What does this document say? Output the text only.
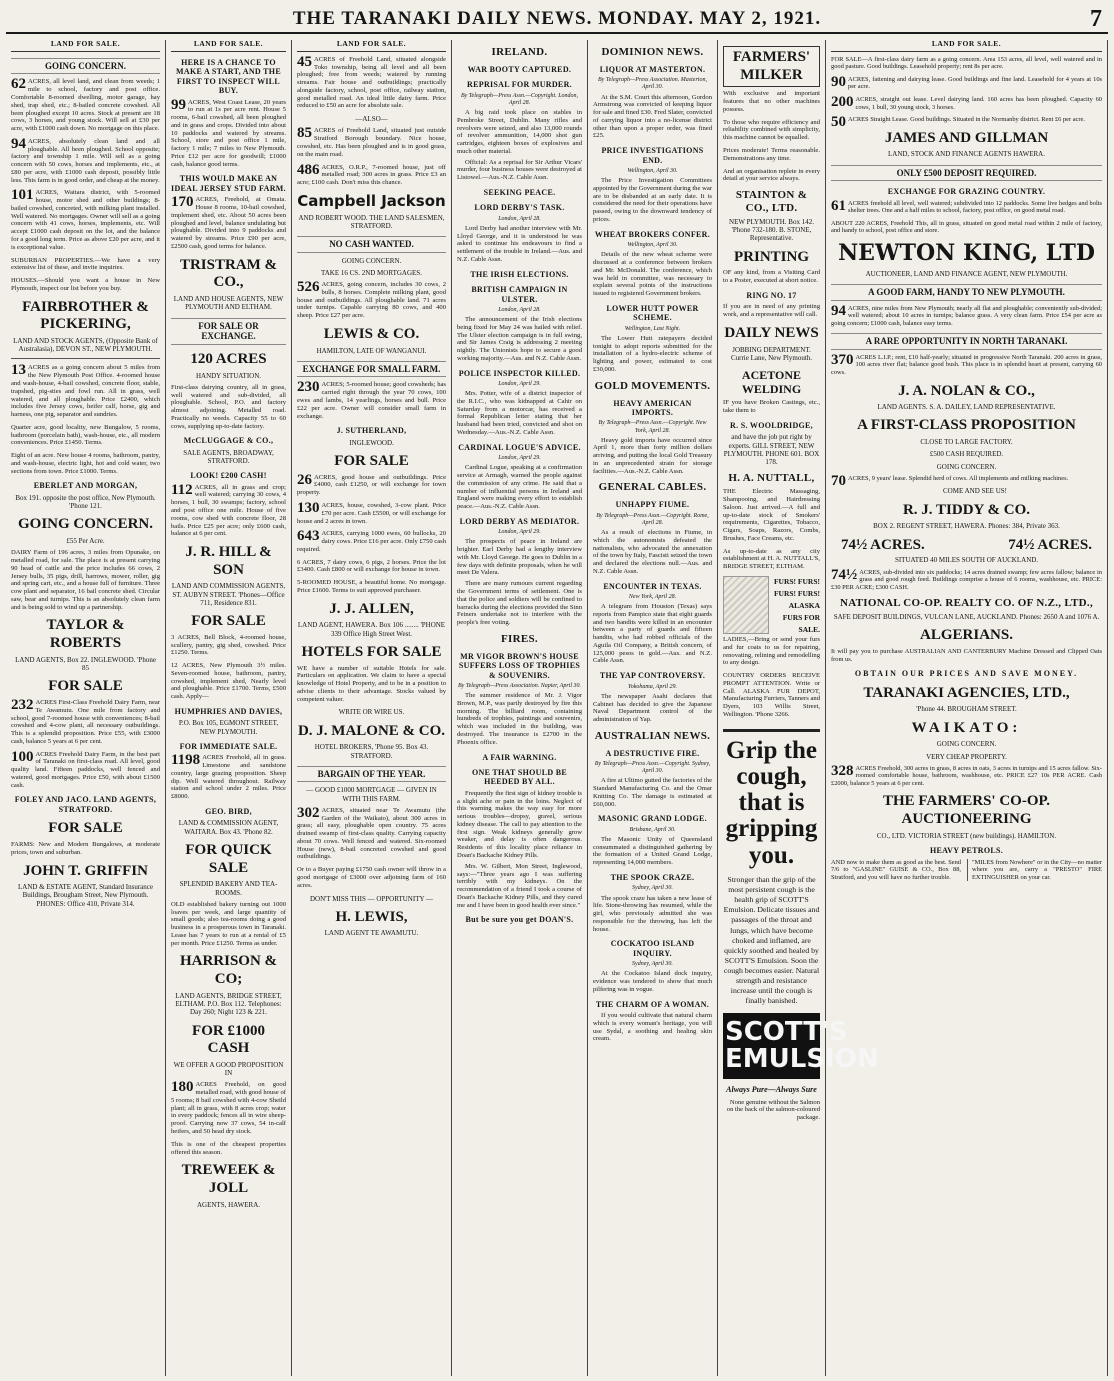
THE TARANAKI DAILY NEWS. MONDAY. MAY 2, 1921.	7
LAND FOR SALE.
GOING CONCERN.
62 ACRES, all level land, and clean from weeds; 1 mile to school, factory and post office. Comfortable 8-roomed dwelling, motor garage, hay shed, trap shed, etc.; 8-bailed concrete cowshed. All been ploughed except 10 acres. Stock at present are 18 cows, 3 horses, and young stock. Will sell at £30 per acre, with £1000 cash down. No mortgage on this place.
94 ACRES, absolutely clean land and all ploughable. All been ploughed. School opposite; factory and township 1 mile. Will sell as a going concern with 50 cows, horses and implements, etc., at £80 per acre, with £1000 cash deposit, possibly little less. This farm is in good order, and cheap at the money.
101 ACRES, Waitara district, with 5-roomed house, motor shed and other buildings; 8-bailed cowshed, concreted, with milking plant installed. Well watered. No mortgages. Owner will sell as a going concern with 41 cows, horses, implements, etc. Will accept £1000 cash deposit on the lot, and the balance for a good long term. Price as above £20 per acre, and it is exceptional value.
SUBURBAN PROPERTIES.—We have a very extensive list of these, and invite inquiries.
HOUSES.—Should you want a house in New Plymouth, inspect our list before you buy.
FAIRBROTHER & PICKERING,
LAND AND STOCK AGENTS, (Opposite Bank of Australasia), DEVON ST., NEW PLYMOUTH.
13 ACRES as a going concern about 5 miles from the New Plymouth Post Office. 4-roomed house and wash-house, 4-bail cowshed, concrete floor, stable, trapshed, pig-sties and fowl run. All in grass, well watered, and all ploughable. Price £2400, which includes five Jersey cows, heifer calf, horse, gig and harness, one pig, separator and sundries.
Quarter acre, good locality, new Bungalow, 5 rooms, bathroom (porcelain bath), wash-house, etc., all modern conveniences. Price £1450. Terms.
Eight of an acre. New house 4 rooms, bathroom, pantry, and wash-house, electric light, hot and cold water, two sections from town. Price £1000. Terms.
EBERLET AND MORGAN,
Box 191. opposite the post office, New Plymouth. 'Phone 121.
GOING CONCERN.
£55 Per Acre.
DAIRY Farm of 196 acres, 3 miles from Opunake, on metalled road, for sale. The place is at present carrying 90 head of cattle and the price includes 66 cows, 2 Jersey bulls, 35 pigs, drill, harrows, mower, roller, gig and spring cart, etc., and a house full of furniture. Three cow plant and separator, 16 bail concrete shed. Circular saw, bear and turnips. This is an absolutely clean farm and is being sold to wind up a partnership.
TAYLOR & ROBERTS
LAND AGENTS, Box 22. INGLEWOOD. 'Phone 85
FOR SALE
232 ACRES First-Class Freehold Dairy Farm, near Te Awamutu. One mile from factory and school, good 7-roomed house with conveniences; 8-bail cowshed and 4-cow plant, all necessary outbuildings. This is a splendid proposition. Price £55, with £3000 cash, balance 5 years at 6 per cent.
100 ACRES Freehold Dairy Farm, in the best part of Taranaki on first-class road. All level, good quality land. Fifteen paddocks, well fenced and watered, good mortgages. Price £50, with about £1500 cash.
FOLEY AND JACO. LAND AGENTS, STRATFORD.
FOR SALE
FARMS: New and Modern Bungalows, at moderate prices, town and suburban.
JOHN T. GRIFFIN
LAND & ESTATE AGENT, Standard Insurance Buildings, Brougham Street, New Plymouth. PHONES: Office 410, Private 314.
LAND FOR SALE.
HERE IS A CHANCE TO MAKE A START, AND THE FIRST TO INSPECT WILL BUY.
99 ACRES, West Coast Lease, 20 years to run at 1s per acre rent. House 5 rooms, 6-bail cowshed, all been ploughed and in grass and crops. Divided into about 10 paddocks and watered by streams. School, store and post office 1 mile, factory 1 mile; 7 miles to New Plymouth. Price £12 per acre for goodwill; £1000 cash, balance good terms.
THIS WOULD MAKE AN IDEAL JERSEY STUD FARM.
170 ACRES, Freehold, at Omata. House 8 rooms, 10-bail cowshed, implement shed, etc. About 50 acres been ploughed and level, balance undulating but ploughable. Divided into 9 paddocks and watered by streams. Price £90 per acre, £2500 cash, good terms for balance.
TRISTRAM & CO.,
LAND AND HOUSE AGENTS, NEW PLYMOUTH AND ELTHAM.
FOR SALE OR EXCHANGE.
120 ACRES
HANDY SITUATION.
First-class dairying country, all in grass, well watered and sub-divided, all ploughable. School, P.O. and factory almost adjoining. Metalled road. Practically no weeds. Capacity 55 to 60 cows, supplying up-to-date factory.
McCLUGGAGE & CO.,
SALE AGENTS, BROADWAY, STRATFORD.
LOOK! £200 CASH!
112 ACRES, all in grass and crop; well watered; carrying 30 cows, 4 horses, 1 bull, 30 swamps; factory, school and post office one mile. House of five rooms, cow shed with concrete floor, 28 bails. Price £25 per acre; only £600 cash, balance at 6 per cent.
J. R. HILL & SON
LAND AND COMMISSION AGENTS, ST. AUBYN STREET. 'Phones—Office 711, Residence 831.
FOR SALE
3 ACRES, Bell Block, 4-roomed house, scullery, pantry, gig shed, cowshed. Price £1250. Terms.
12 ACRES, New Plymouth 3½ miles. Seven-roomed house, bathroom, pantry, cowshed, implement shed, Nearly level and ploughable. Price £1700. Terms, £500 cash. Apply—
HUMPHRIES AND DAVIES,
P.O. Box 105, EGMONT STREET, NEW PLYMOUTH.
FOR IMMEDIATE SALE.
1198 ACRES Freehold, all in grass. Limestone and sandstone country, large grazing proposition. Sheep dip. Well watered throughout. Railway station and school under 2 miles. Price £8000.
GEO. BIRD,
LAND & COMMISSION AGENT, WAITARA. Box 43. 'Phone 82.
FOR QUICK SALE
SPLENDID BAKERY AND TEA-ROOMS.
OLD established bakery turning out 1000 loaves per week, and large quantity of small goods; also tea-rooms doing a good business in a prosperous town in Taranaki. Lease has 7 years to run at a rental of £5 per month. Price £1250. Terms as under.
HARRISON & CO;
LAND AGENTS, BRIDGE STREET, ELTHAM. P.O. Box 112. Telephones: Day 260; Night 123 & 221.
FOR £1000 CASH
WE OFFER A GOOD PROPOSITION IN
180 ACRES Freehold, on good metalled road, with good house of 5 rooms; 8 bail cowshed with 4-cow Sheild plant; all in grass, with 8 acres crop; water in every paddock; fences all in wire sheep-proof. Carrying now 37 cows, 54 in-calf heifers, and 50 head dry stock.
This is one of the cheapest properties offered this season.
TREWEEK & JOLL
AGENTS, HAWERA.
LAND FOR SALE.
45 ACRES of Freehold Land, situated alongside Toko township, being all level and all been ploughed; free from weeds; watered by running streams. Fair house and outbuildings; practically alongside factory, school, post office, railway station, good metalled road. An ideal little dairy farm. Price reduced to £50 an acre for absolute sale.
—ALSO—
85 ACRES of Freehold Land, situated just outside Stratford Borough boundary. Nice house, cowshed, etc. Has been ploughed and is in good grass, on the main road.
486 ACRES, O.R.P., 7-roomed house, just off metalled road; 300 acres in grass. Price £3 an acre; £100 cash. Don't miss this chance.
Campbell Jackson
AND ROBERT WOOD. THE LAND SALESMEN, STRATFORD.
NO CASH WANTED.
GOING CONCERN.
TAKE 16 CS. 2ND MORTGAGES.
526 ACRES, going concern, includes 30 cows, 2 bulls, 8 horses. Complete milking plant, good house and outbuildings. All ploughable land. 71 acres under turnips. Capable carrying 80 cows, and 400 sheep. Price £27 per acre.
LEWIS & CO.
HAMILTON, LATE OF WANGANUI.
EXCHANGE FOR SMALL FARM.
230 ACRES; 5-roomed house; good cowsheds; has carried right through the year 70 cows, 100 ewes and lambs, 14 yearlings, horses and bull. Price £22 per acre. Owner will consider small farm in exchange.
J. SUTHERLAND,
INGLEWOOD.
FOR SALE
26 ACRES, good house and outbuildings. Price £4000, cash £1250, or will exchange for town property.
130 ACRES, house, cowshed, 3-cow plant. Price £70 per acre. Cash £5500, or will exchange for house and 2 acres in town.
643 ACRES, carrying 1000 ewes, 60 bullocks, 20 dairy cows. Price £16 per acre. Only £750 cash required.
6 ACRES, 7 dairy cows, 6 pigs, 2 horses. Price the lot £3400. Cash £800 or will exchange for house in town.
5-ROOMED HOUSE, a beautiful home. No mortgage. Price £1600. Terms to suit approved purchaser.
J. J. ALLEN,
LAND AGENT, HAWERA. Box 106 ........ 'PHONE 339 Office High Street West.
HOTELS FOR SALE
WE have a number of suitable Hotels for sale. Particulars on application. We claim to have a special knowledge of Hotel Property, and to be in a position to advise clients to their advantage. Stocks valued by competent valuer.
WRITE OR WIRE US.
D. J. MALONE & CO.
HOTEL BROKERS, 'Phone 95. Box 43. STRATFORD.
BARGAIN OF THE YEAR.
— GOOD £1000 MORTGAGE — GIVEN IN WITH THIS FARM.
302 ACRES, situated near Te Awamutu (the Garden of the Waikato), about 300 acres in grass; all easy, ploughable open country. 75 acres drained swamp of first-class quality. Carrying capacity about 70 cows. Well fenced and watered. Six-roomed House (new), 8-bail concreted cowshed and good outbuildings.
Or to a Buyer paying £1750 cash owner will throw in a good mortgage of £3000 over adjoining farm of 160 acres.
DON'T MISS THIS — OPPORTUNITY —
H. LEWIS,
LAND AGENT TE AWAMUTU.
IRELAND.
WAR BOOTY CAPTURED.
REPRISAL FOR MURDER.
By Telegraph—Press Assn.—Copyright. London, April 28.
A big raid took place on stables in Pembroke Street, Dublin. Many rifles and revolvers were seized, and also 13,000 rounds of revolver ammunition, 14,000 shot gun cartridges, eighteen boxes of explosives and much other material.
Official: As a reprisal for Sir Arthur Vicars' murder, four business houses were destroyed at Listowel.—Aus.-N.Z. Cable Assn.
SEEKING PEACE.
LORD DERBY'S TASK.
London, April 28.
Lord Derby had another interview with Mr. Lloyd George, and it is understood he was asked to continue his endeavours to find a settlement of the trouble in Ireland.—Aus. and N.Z. Cable Assn.
THE IRISH ELECTIONS.
BRITISH CAMPAIGN IN ULSTER.
London, April 28.
The announcement of the Irish elections being fixed for May 24 was hailed with relief. The Ulster election campaign is in full swing, and Sir James Craig is addressing 2 meeting nightly. The Unionists hope to secure a good working majority.—Aus. and N.Z. Cable Assn.
POLICE INSPECTOR KILLED.
London, April 29.
Mrs. Potter, wife of a district inspector of the R.I.C., who was kidnapped at Cahir on Saturday from a motorcar, has received a formal Republican letter stating that her husband had been tried, convicted and shot on Wednesday.—Aus.-N.Z. Cable Assn.
CARDINAL LOGUE'S ADVICE.
London, April 29.
Cardinal Logue, speaking at a confirmation service at Armagh, warned the people against the commission of any crime. He said that a number of influential persons in Ireland and England were making every effort to establish peace.—Aus.-N.Z. Cable Assn.
LORD DERBY AS MEDIATOR.
London, April 29.
The prospects of peace in Ireland are brighter. Earl Derby had a lengthy interview with Mr. Lloyd George. He goes to Dublin in a few days with definite proposals, when he will meet De Valera.
There are many rumours current regarding the Government terms of settlement. One is that the police and soldiers will be confined to barracks during the elections provided the Sinn Feiners undertake not to interfere with the people's free voting.
FIRES.
MR VIGOR BROWN'S HOUSE SUFFERS LOSS OF TROPHIES & SOUVENIRS.
By Telegraph—Press Association. Napier, April 30.
The summer residence of Mr. J. Vigor Brown, M.P., was partly destroyed by fire this morning. The billiard room, containing hundreds of trophies, paintings and souvenirs, which was included in the building, was destroyed. The insurance is £2700 in the Phoenix office.
A FAIR WARNING.
ONE THAT SHOULD BE HEEDED BY ALL.
Frequently the first sign of kidney trouble is a slight ache or pain in the loins. Neglect of this warning makes the way easy for more serious troubles—dropsy, gravel, serious kidney disease. The call to pay attention to the first sign. Weak kidneys generally grow weaker, and delay is often dangerous. Residents of this locality place reliance in Doan's Backache Kidney Pills.
Mrs. W. Gilbert, Mon Street, Inglewood, says:—"Three years ago I was suffering terribly with my kidneys. On the recommendation of a friend I took a course of Doan's Backache Kidney Pills, and they cured me and I have been in good health ever since."
But be sure you get DOAN'S.
DOMINION NEWS.
LIQUOR AT MASTERTON.
By Telegraph—Press Association. Masterton, April 30.
At the S.M. Court this afternoon, Gordon Armstrong was convicted of keeping liquor for sale and fined £30. Fred Slater, convicted of carrying liquor into a no-license district other than upon a proper order, was fined £25.
PRICE INVESTIGATIONS END.
Wellington, April 30.
The Price Investigation Committees appointed by the Government during the war are to be disbanded at an early date. It is considered the need for their operations have passed, owing to the downward tendency of prices.
WHEAT BROKERS CONFER.
Wellington, April 30.
Details of the new wheat scheme were discussed at a conference between brokers and Mr. McDonald. The conference, which was held in committee, was necessary to explain several points of the instructions issued to registered Government brokers.
LOWER HUTT POWER SCHEME.
Wellington, Last Night.
The Lower Hutt ratepayers decided tonight to adopt reports submitted for the installation of a hydro-electric scheme of lighting and power, estimated to cost £30,000.
GOLD MOVEMENTS.
HEAVY AMERICAN IMPORTS.
By Telegraph—Press Assn.—Copyright. New York, April 28.
Heavy gold imports have occurred since April 1, more than forty million dollars arriving, and putting the local Gold Treasury in an unprecedented strain for storage facilities.—Aus.-N.Z. Cable Assn.
GENERAL CABLES.
UNHAPPY FIUME.
By Telegraph—Press Assn.—Copyright. Rome, April 28.
As a result of elections in Fiume, in which the autonomists defeated the nationalists, who advocated the annexation of the town by Italy, Fascisti seized the town and declared the elections null.—Aus. and N.Z. Cable Assn.
ENCOUNTER IN TEXAS.
New York, April 28.
A telegram from Houston (Texas) says reports from Pampico state that eight guards and two bandits were killed in an encounter between a party of guards and fifteen bandits, who had robbed officials of the Aguila Oil Company, a British concern, of 125,000 pesos in gold.—Aus. and N.Z. Cable Assn.
THE YAP CONTROVERSY.
Yokohama, April 29.
The newspaper Asahi declares that Cabinet has decided to give the Japanese Naval Department control of the administration of Yap.
AUSTRALIAN NEWS.
A DESTRUCTIVE FIRE.
By Telegraph—Press Assn.—Copyright. Sydney, April 30.
A fire at Ultimo gutted the factories of the Standard Manufacturing Co. and the Omar Knitting Co. The damage is estimated at £60,000.
MASONIC GRAND LODGE.
Brisbane, April 30.
The Masonic Unity of Queensland consummated a distinguished gathering by the formation of a United Grand Lodge, representing 14,000 members.
THE SPOOK CRAZE.
Sydney, April 30.
The spook craze has taken a new lease of life. Stone-throwing has resumed, while the girl, who previously admitted she was responsible for the throwing, has left the house.
COCKATOO ISLAND INQUIRY.
Sydney, April 30.
At the Cockatoo Island dock inquiry, evidence was tendered to show that much pilfering was in vogue.
THE CHARM OF A WOMAN.
If you would cultivate that natural charm which is every woman's heritage, you will use Sydal, a soothing and healing skin cream.
FARMERS' MILKER
With exclusive and important features that no other machines possess.
To those who require efficiency and reliability combined with simplicity, this machine cannot be equalled.
Prices moderate! Terms reasonable. Demonstrations any time.
And an organisation replete in every detail at your service always.
STAINTON & CO., LTD.
NEW PLYMOUTH. Box 142. 'Phone 732-180. B. STONE, Representative.
PRINTING
OF any kind, from a Visiting Card to a Poster, executed at short notice.
RING NO. 17
If you are in need of any printing work, and a representative will call.
DAILY NEWS
JOBBING DEPARTMENT. Currie Lane, New Plymouth.
ACETONE WELDING
IF you have Broken Castings, etc., take them to
R. S. WOOLDRIDGE,
and have the job put right by experts. GILL STREET, NEW PLYMOUTH. PHONE 601. BOX 178.
H. A. NUTTALL,
THE Electric Massaging, Shampooing, and Hairdressing Saloon. Just arrived.—A full and up-to-date stock of Smokers' requirements, Cigarettes, Tobacco, Cigars, Soaps, Razors, Combs, Brushes, Face Creams, etc.
As up-to-date as any city establishment at H. A. NUTTALL'S, BRIDGE STREET, ELTHAM.
FURS! FURS!
FURS! FURS!
ALASKA FURS FOR SALE.
LADIES,—Bring or send your furs and fur coats to us for repairing, renovating, relining and remodelling to any design.
COUNTRY ORDERS RECEIVE PROMPT ATTENTION. Write or Call. ALASKA FUR DEPOT, Manufacturing Furriers, Tanners and Dyers, 103 Willis Street, Wellington. 'Phone 3266.
Grip the cough, that is gripping you.
Stronger than the grip of the most persistent cough is the health grip of SCOTT'S Emulsion. Delicate tissues and passages of the throat and lungs, which have become choked and inflamed, are quickly soothed and healed by SCOTT'S Emulsion. Soon the cough becomes easier. Natural strength and resistance increase until the cough is finally banished.
SCOTT'S EMULSION
Always Pure—Always Sure
None genuine without the Salmon on the back of the salmon-coloured package.
LAND FOR SALE.
FOR SALE—A first-class dairy farm as a going concern. Area 153 acres, all level, well watered and in good pasture. Good buildings. Leasehold property; rent 8s per acre.
90 ACRES, fattening and dairying lease. Good buildings and fine land. Leasehold for 4 years at 10s per acre.
200 ACRES, straight out lease. Level dairying land. 160 acres has been ploughed. Capacity 60 cows, 1 bull, 30 young stock, 3 horses.
50 ACRES Straight Lease. Good buildings. Situated in the Normanby district. Rent £6 per acre.
JAMES AND GILLMAN
LAND, STOCK AND FINANCE AGENTS HAWERA.
ONLY £500 DEPOSIT REQUIRED.
EXCHANGE FOR GRAZING COUNTRY.
61 ACRES freehold all level, well watered; subdivided into 12 paddocks. Some live hedges and bolts shelter trees. One and a half miles to school, factory, post office, on good metal road.
ABOUT 220 ACRES, Freehold This, all in grass, situated on good metal road within 2 mile of factory, and handy to school, post office and store.
NEWTON KING, LTD
AUCTIONEER, LAND AND FINANCE AGENT, NEW PLYMOUTH.
A GOOD FARM, HANDY TO NEW PLYMOUTH.
94 ACRES, nine miles from New Plymouth; nearly all flat and ploughable; conveniently sub-divided; well watered; about 10 acres in turnips; balance grass. A very clean farm. Price £54 per acre as going concern; £1000 cash, balance easy terms.
A RARE OPPORTUNITY IN NORTH TARANAKI.
370 ACRES L.I.P.; rent, £10 half-yearly; situated in progressive North Taranaki. 200 acres in grass, 100 acres river flat; balance good bush. This place is in splendid heart at present, carrying 60 cows.
J. A. NOLAN & CO.,
LAND AGENTS. S. A. DAILEY, LAND REPRESENTATIVE.
A FIRST-CLASS PROPOSITION
CLOSE TO LARGE FACTORY.
£500 CASH REQUIRED.
GOING CONCERN.
70 ACRES, 9 years' lease. Splendid herd of cows. All implements and milking machines.
COME AND SEE US!
R. J. TIDDY & CO.
BOX 2. REGENT STREET, HAWERA. Phones: 384, Private 363.
74½ ACRES.	74½ ACRES.
SITUATED 40 MILES SOUTH OF AUCKLAND.
74½ ACRES, sub-divided into six paddocks; 14 acres drained swamp; few acres fallow; balance in grass and good rough feed. Buildings comprise a house of 6 rooms, washhouse, etc. PRICE: £30 PER ACRE; £300 CASH.
NATIONAL CO-OP. REALTY CO. OF N.Z., LTD.,
SAFE DEPOSIT BUILDINGS, VULCAN LANE, AUCKLAND. Phones: 2650 A and 1076 A.
ALGERIANS.
It will pay you to purchase AUSTRALIAN AND CANTERBURY Machine Dressed and Clipped Oats from us.
OBTAIN OUR PRICES AND SAVE MONEY.
TARANAKI AGENCIES, LTD.,
'Phone 44. BROUGHAM STREET.
WAIKATO:
GOING CONCERN.
VERY CHEAP PROPERTY.
328 ACRES Freehold, 300 acres in grass, 8 acres in oats, 3 acres in turnips and 15 acres fallow. Six-roomed comfortable house, bathroom, washhouse, etc. PRICE £27 10s PER ACRE. Cash £2000, balance 5 years at 6 per cent.
THE FARMERS' CO-OP. AUCTIONEERING
CO., LTD. VICTORIA STREET (new buildings). HAMILTON.
HEAVY PETROLS.
AND now to make them as good as the best. Send 7/6 to "GASLINE" GUISE & CO., Box 88, Stratford, and you will have no further trouble.
"MILES from Nowhere" or in the City—no matter where you are, carry a "PRESTO" FIRE EXTINGUISHER on your car.
